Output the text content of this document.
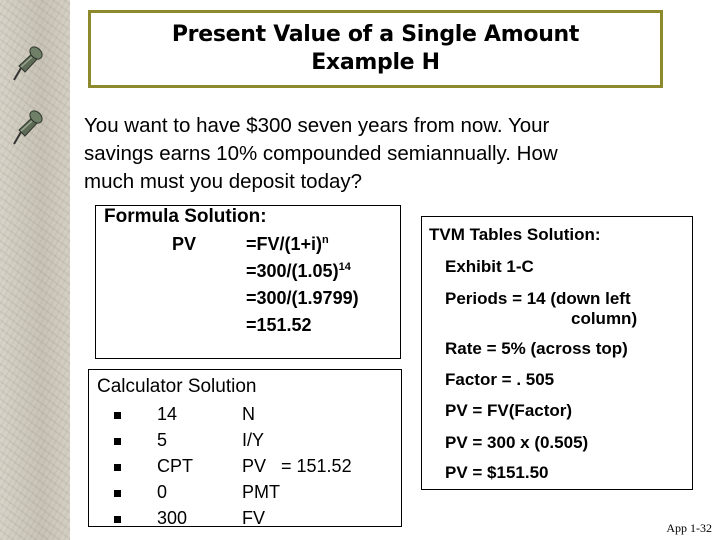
Present Value of a Single Amount
Example H
You want to have $300 seven years from now. Your
savings earns 10% compounded semiannually. How
much must you deposit today?
Formula Solution:
PV	$=FV/(1+i)^n$
$=300/(1.05)^{14}$
=300/(1.9799)
=151.52
Calculator Solution
14	N
5	I/Y
CPT	PV   = 151.52
0	PMT
300	FV
TVM Tables Solution:
Exhibit 1-C
Periods = 14 (down left
column)
Rate = 5% (across top)
Factor = . 505
PV = FV(Factor)
PV = 300 x (0.505)
PV = $151.50
App 1-32
